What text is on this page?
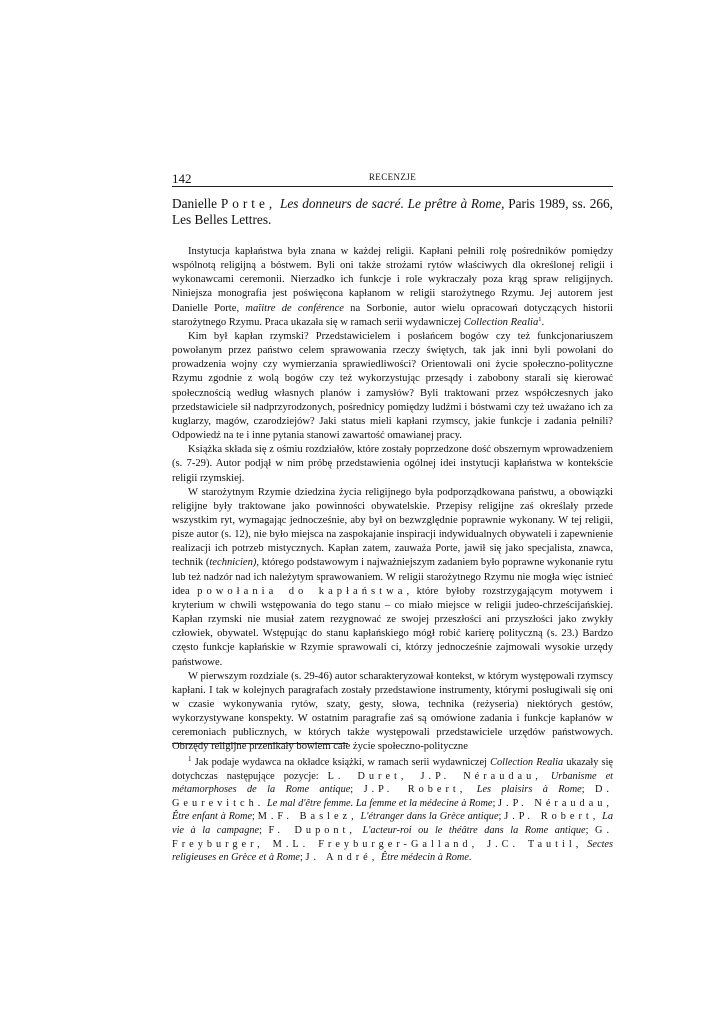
142	RECENZJE
Danielle Porte, Les donneurs de sacré. Le prêtre à Rome, Paris 1989, ss. 266, Les Belles Lettres.

Instytucja kapłaństwa była znana w każdej religii. Kapłani pełnili rolę pośredników pomiędzy wspólnotą religijną a bóstwem. Byli oni także strożami rytów właściwych dla określonej religii i wykonawcami ceremonii. Nierzadko ich funkcje i role wykraczały poza krąg spraw religijnych. Niniejsza monografia jest poświęcona kapłanom w religii starożytnego Rzymu. Jej autorem jest Danielle Porte, maîitre de conférence na Sorbonie, autor wielu opracowań dotyczących historii starożytnego Rzymu. Praca ukazała się w ramach serii wydawniczej Collection Realia$^1$.

Kim był kapłan rzymski? Przedstawicielem i posłańcem bogów czy też funkcjonariuszem powołanym przez państwo celem sprawowania rzeczy świętych, tak jak inni byli powołani do prowadzenia wojny czy wymierzania sprawiedliwości? Orientowali oni życie społeczno-polityczne Rzymu zgodnie z wolą bogów czy też wykorzystując przesądy i zabobony starali się kierować społecznością według własnych planów i zamysłów? Byli traktowani przez współczesnych jako przedstawiciele sił nadprzyrodzonych, pośrednicy pomiędzy ludźmi i bóstwami czy też uważano ich za kuglarzy, magów, czarodziejów? Jaki status mieli kapłani rzymscy, jakie funkcje i zadania pełnili? Odpowiedź na te i inne pytania stanowi zawartość omawianej pracy.

Książka składa się z ośmiu rozdziałów, które zostały poprzedzone dość obszernym wprowadzeniem (s. 7-29). Autor podjął w nim próbę przedstawienia ogólnej idei instytucji kapłaństwa w kontekście religii rzymskiej.

W starożytnym Rzymie dziedzina życia religijnego była podporządkowana państwu, a obowiązki religijne były traktowane jako powinności obywatelskie. Przepisy religijne zaś określały przede wszystkim ryt, wymagając jednocześnie, aby był on bezwzględnie poprawnie wykonany. W tej religii, pisze autor (s. 12), nie było miejsca na zaspokajanie inspiracji indywidualnych obywateli i zapewnienie realizacji ich potrzeb mistycznych. Kapłan zatem, zauważa Porte, jawił się jako specjalista, znawca, technik (technicien), którego podstawowym i najważniejszym zadaniem było poprawne wykonanie rytu lub też nadzór nad ich należytym sprawowaniem. W religii starożytnego Rzymu nie mogła więc istnieć idea powołania do kapłaństwa, które byłoby rozstrzygającym motywem i kryterium w chwili wstępowania do tego stanu – co miało miejsce w religii judeo-chrześcijańskiej. Kapłan rzymski nie musiał zatem rezygnować ze swojej przeszłości ani przyszłości jako zwykły człowiek, obywatel. Wstępując do stanu kapłańskiego mógł robić karierę polityczną (s. 23.) Bardzo często funkcje kapłańskie w Rzymie sprawowali ci, którzy jednocześnie zajmowali wysokie urzędy państwowe.

W pierwszym rozdziale (s. 29-46) autor scharakteryzował kontekst, w którym występowali rzymscy kapłani. I tak w kolejnych paragrafach zostały przedstawione instrumenty, którymi posługiwali się oni w czasie wykonywania rytów, szaty, gesty, słowa, technika (reżyseria) niektórych gestów, wykorzystywane konspekty. W ostatnim paragrafie zaś są omówione zadania i funkcje kapłanów w ceremoniach publicznych, w których także występowali przedstawiciele urzędów państwowych. Obrzędy religijne przenikały bowiem całe życie społeczno-polityczne

$^1$ Jak podaje wydawca na okładce książki, w ramach serii wydawniczej Collection Realia ukazały się dotychczas następujące pozycje: L. Duret, J.P. Néraudau, Urbanisme et métamorphoses de la Rome antique; J.P. Robert, Les plaisirs à Rome; D. Geurevitch. Le mal d'être femme. La femme et la médecine à Rome; J.P. Néraudau, Être enfant à Rome; M.F. Baslez, L'étranger dans la Grèce antique; J.P. Robert, La vie à la campagne; F. Dupont, L'acteur-roi ou le théâtre dans la Rome antique; G. Freyburger, M.L. Freyburger-Galland, J.C. Tautil, Sectes religieuses en Grèce et à Rome; J. André, Être médecin à Rome.
